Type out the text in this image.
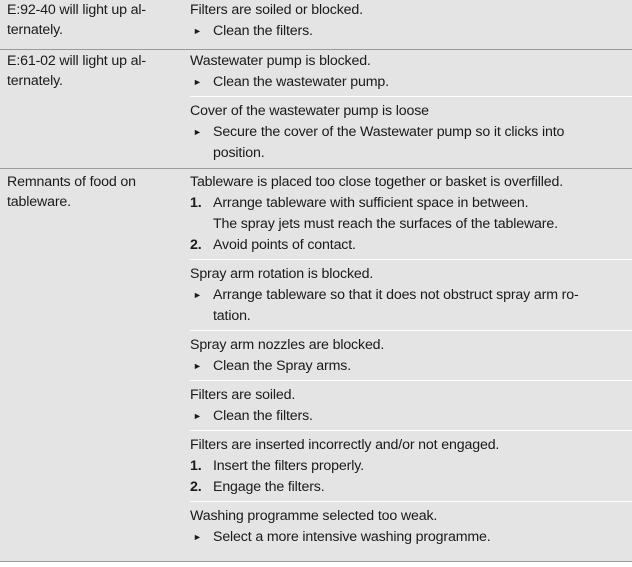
E:92-40 will light up al-
ternately.
Filters are soiled or blocked.
► Clean the filters.
E:61-02 will light up al-
ternately.
Wastewater pump is blocked.
► Clean the wastewater pump.
Cover of the wastewater pump is loose
► Secure the cover of the Wastewater pump so it clicks into
position.
Remnants of food on
tableware.
Tableware is placed too close together or basket is overfilled.
1. Arrange tableware with sufficient space in between.
The spray jets must reach the surfaces of the tableware.
2. Avoid points of contact.
Spray arm rotation is blocked.
► Arrange tableware so that it does not obstruct spray arm ro-
tation.
Spray arm nozzles are blocked.
► Clean the Spray arms.
Filters are soiled.
► Clean the filters.
Filters are inserted incorrectly and/or not engaged.
1. Insert the filters properly.
2. Engage the filters.
Washing programme selected too weak.
► Select a more intensive washing programme.
